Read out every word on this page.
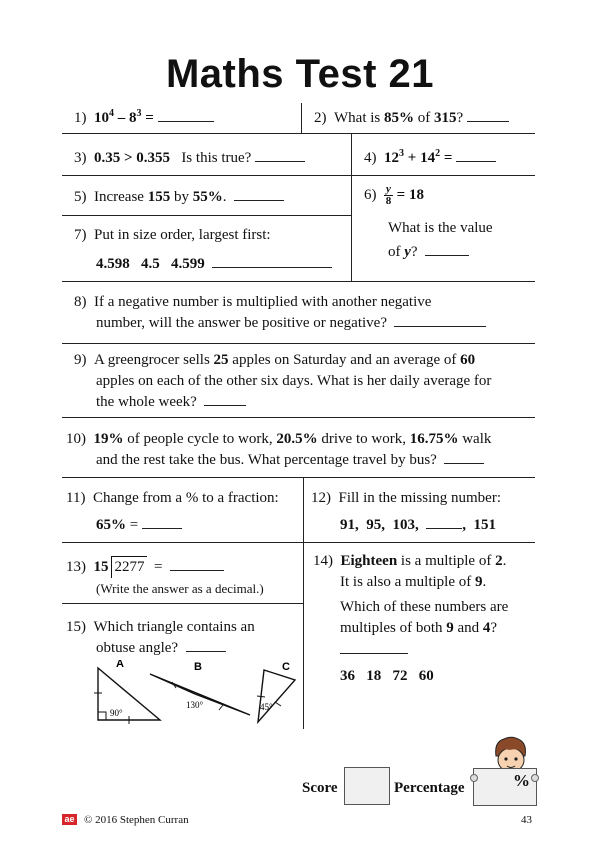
Maths Test 21
1) $10^4 - 8^3$ =	2) What is 85% of 315?
3) 0.35 > 0.355 Is this true?	4) $12^3 + 14^2$ =
5) Increase 155 by 55%.	$6) \frac{y}{8} = 18$
What is the value
of y?
7) Put in size order, largest first:
4.598   4.5   4.599
8) If a negative number is multiplied with another negative
number, will the answer be positive or negative?
9) A greengrocer sells 25 apples on Saturday and an average of 60
apples on each of the other six days. What is her daily average for
the whole week?
10) 19% of people cycle to work, 20.5% drive to work, 16.75% walk
and the rest take the bus. What percentage travel by bus?
11) Change from a % to a fraction:
65% =
12) Fill in the missing number:
91,  95,  103,	,  151
13) 15 2277 =
(Write the answer as a decimal.)
14) Eighteen is a multiple of 2.
It is also a multiple of 9.
Which of these numbers are
multiples of both 9 and 4?
36   18   72   60
15) Which triangle contains an
obtuse angle?
A
90°
B
130°
C
45°
Score	Percentage	%
ae © 2016 Stephen Curran	43
